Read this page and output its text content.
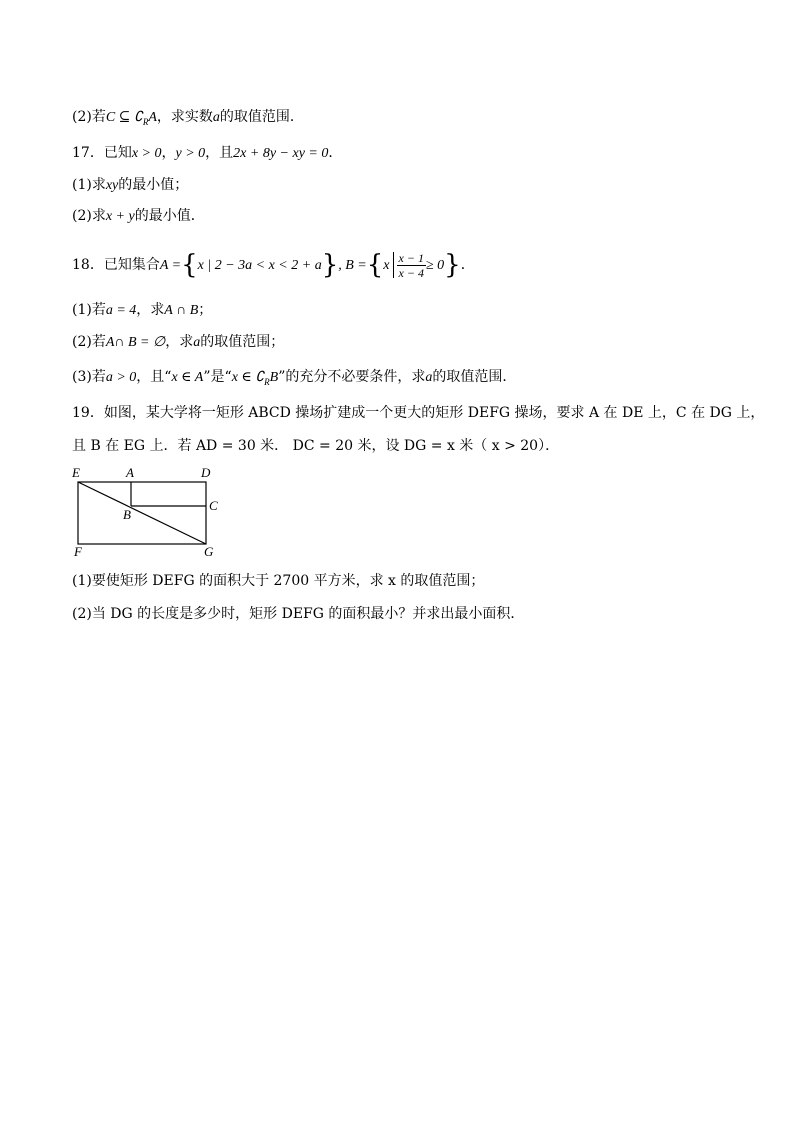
(2)若C ⊆ $∁_RA$，求实数a的取值范围．
17．已知x > 0，y > 0，且2x + 8y − xy = 0．
(1)求xy的最小值；
(2)求x + y的最小值．
18．已知集合A ={x | 2 − 3a < x < 2 + a}, $B =\{x \frac{x - 1}{x - 4} \ge 0\}$．
(1)若a = 4，求A ∩ B；
(2)若A∩ B = ∅，求a的取值范围；
(3)若a > 0，且“x ∈ A”是“x ∈ $∁_RB$”的充分不必要条件，求a的取值范围．
19．如图，某大学将一矩形 ABCD 操场扩建成一个更大的矩形 DEFG 操场，要求 A 在 DE 上，C 在 DG 上，
且 B 在 EG 上．若 AD = 30 米． DC = 20 米，设 DG = x 米（ x > 20）．
E	A	D
C
B
F	G
(1)要使矩形 DEFG 的面积大于 2700 平方米，求 x 的取值范围；
(2)当 DG 的长度是多少时，矩形 DEFG 的面积最小？并求出最小面积．
